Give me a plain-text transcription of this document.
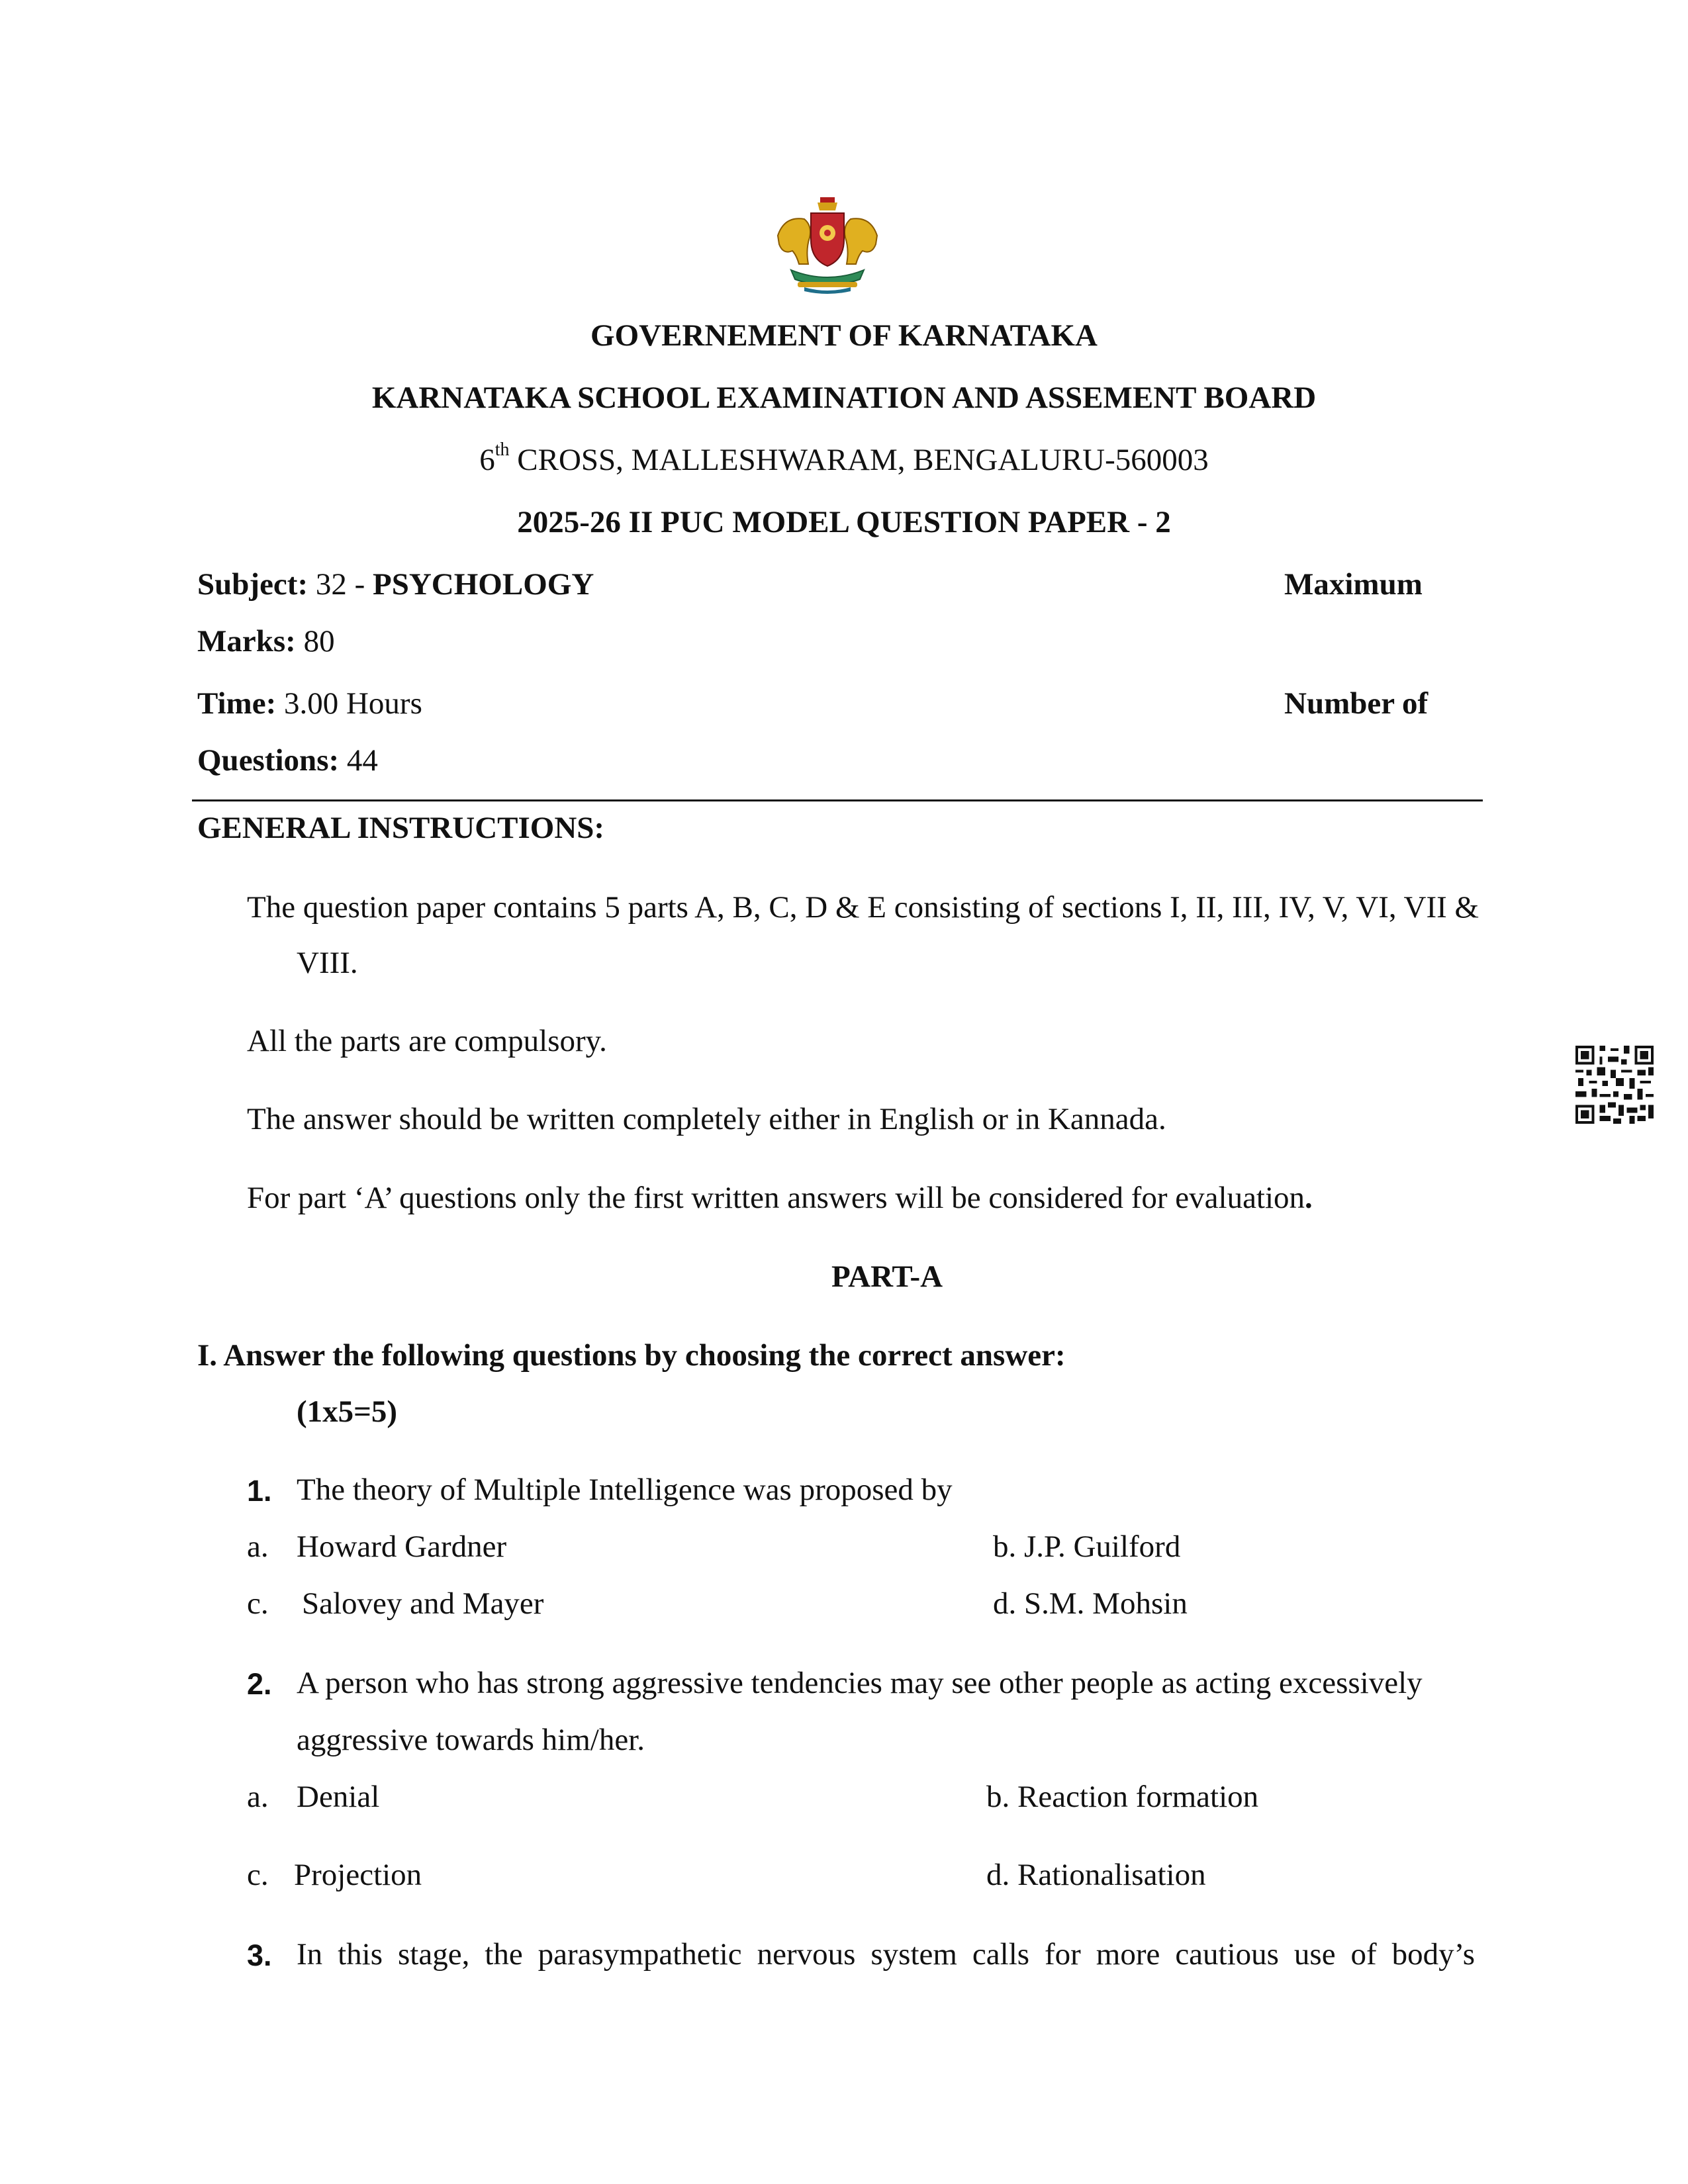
GOVERNEMENT OF KARNATAKA
KARNATAKA SCHOOL EXAMINATION AND ASSEMENT BOARD
6th CROSS, MALLESHWARAM, BENGALURU-560003
2025-26 II PUC MODEL QUESTION PAPER - 2
Subject: 32 - PSYCHOLOGY	Maximum
Marks: 80
Time: 3.00 Hours	Number of
Questions: 44
GENERAL INSTRUCTIONS:
The question paper contains 5 parts A, B, C, D & E consisting of sections I, II, III, IV, V, VI, VII &
VIII.
All the parts are compulsory.
The answer should be written completely either in English or in Kannada.
For part ‘A’ questions only the first written answers will be considered for evaluation.
PART-A
I. Answer the following questions by choosing the correct answer:
(1x5=5)
1. The theory of Multiple Intelligence was proposed by
a. Howard Gardner	b. J.P. Guilford
c. Salovey and Mayer	d. S.M. Mohsin
2. A person who has strong aggressive tendencies may see other people as acting excessively
aggressive towards him/her.
a. Denial	b. Reaction formation
c. Projection	d. Rationalisation
3. In this stage, the parasympathetic nervous system calls for more cautious use of body’s
